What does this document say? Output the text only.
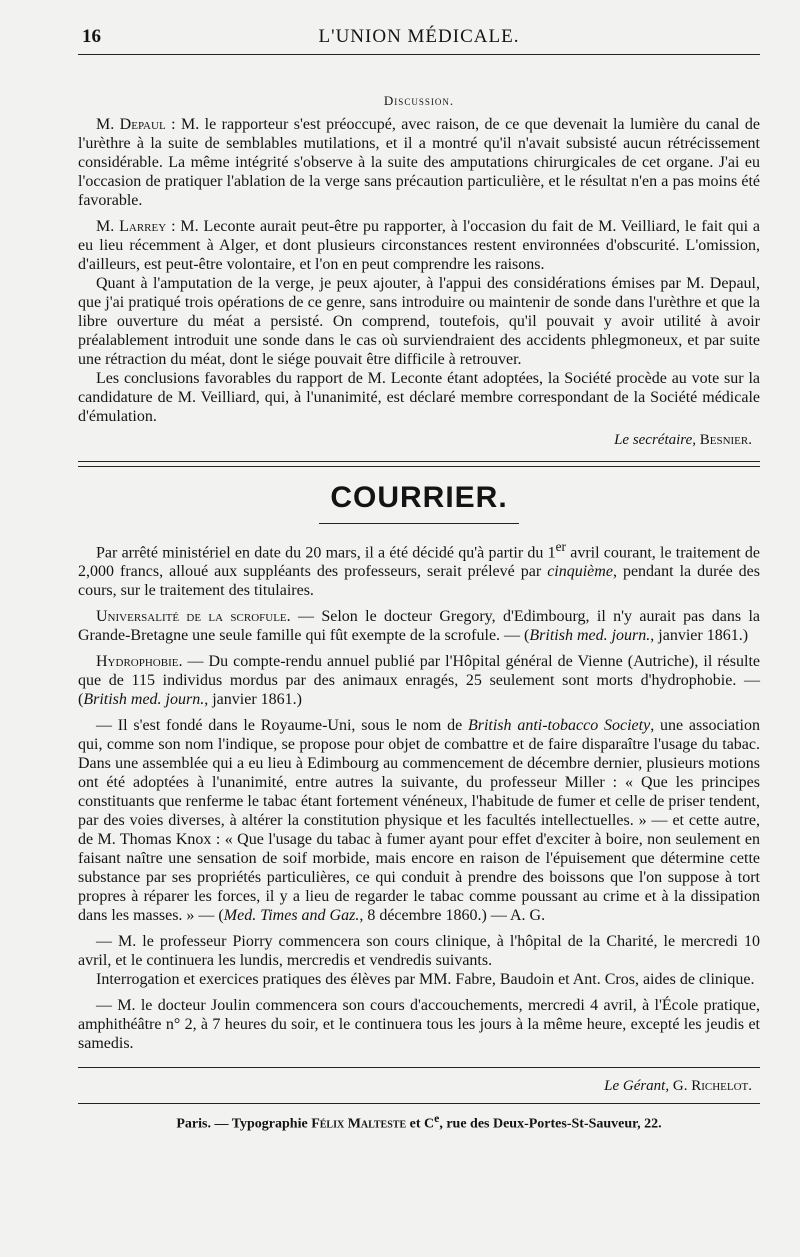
16	L'UNION MÉDICALE.
Discussion.

M. Depaul : M. le rapporteur s'est préoccupé, avec raison, de ce que devenait la lumière du canal de l'urèthre à la suite de semblables mutilations, et il a montré qu'il n'avait subsisté aucun rétrécissement considérable. La même intégrité s'observe à la suite des amputations chirurgicales de cet organe. J'ai eu l'occasion de pratiquer l'ablation de la verge sans précaution particulière, et le résultat n'en a pas moins été favorable.

M. Larrey : M. Leconte aurait peut-être pu rapporter, à l'occasion du fait de M. Veilliard, le fait qui a eu lieu récemment à Alger, et dont plusieurs circonstances restent environnées d'obscurité. L'omission, d'ailleurs, est peut-être volontaire, et l'on en peut comprendre les raisons.

Quant à l'amputation de la verge, je peux ajouter, à l'appui des considérations émises par M. Depaul, que j'ai pratiqué trois opérations de ce genre, sans introduire ou maintenir de sonde dans l'urèthre et que la libre ouverture du méat a persisté. On comprend, toutefois, qu'il pouvait y avoir utilité à avoir préalablement introduit une sonde dans le cas où surviendraient des accidents phlegmoneux, et par suite une rétraction du méat, dont le siége pouvait être difficile à retrouver.

Les conclusions favorables du rapport de M. Leconte étant adoptées, la Société procède au vote sur la candidature de M. Veilliard, qui, à l'unanimité, est déclaré membre correspondant de la Société médicale d'émulation.

Le secrétaire, Besnier.
COURRIER.

Par arrêté ministériel en date du 20 mars, il a été décidé qu'à partir du 1er avril courant, le traitement de 2,000 francs, alloué aux suppléants des professeurs, serait prélevé par cinquième, pendant la durée des cours, sur le traitement des titulaires.

Universalité de la scrofule. — Selon le docteur Gregory, d'Edimbourg, il n'y aurait pas dans la Grande-Bretagne une seule famille qui fût exempte de la scrofule. — (British med. journ., janvier 1861.)

Hydrophobie. — Du compte-rendu annuel publié par l'Hôpital général de Vienne (Autriche), il résulte que de 115 individus mordus par des animaux enragés, 25 seulement sont morts d'hydrophobie. — (British med. journ., janvier 1861.)

— Il s'est fondé dans le Royaume-Uni, sous le nom de British anti-tobacco Society, une association qui, comme son nom l'indique, se propose pour objet de combattre et de faire disparaître l'usage du tabac. Dans une assemblée qui a eu lieu à Edimbourg au commencement de décembre dernier, plusieurs motions ont été adoptées à l'unanimité, entre autres la suivante, du professeur Miller : « Que les principes constituants que renferme le tabac étant fortement vénéneux, l'habitude de fumer et celle de priser tendent, par des voies diverses, à altérer la constitution physique et les facultés intellectuelles. » — et cette autre, de M. Thomas Knox : « Que l'usage du tabac à fumer ayant pour effet d'exciter à boire, non seulement en faisant naître une sensation de soif morbide, mais encore en raison de l'épuisement que détermine cette substance par ses propriétés particulières, ce qui conduit à prendre des boissons que l'on suppose à tort propres à réparer les forces, il y a lieu de regarder le tabac comme poussant au crime et à la dissipation dans les masses. » — (Med. Times and Gaz., 8 décembre 1860.) — A. G.

— M. le professeur Piorry commencera son cours clinique, à l'hôpital de la Charité, le mercredi 10 avril, et le continuera les lundis, mercredis et vendredis suivants.

Interrogation et exercices pratiques des élèves par MM. Fabre, Baudoin et Ant. Cros, aides de clinique.

— M. le docteur Joulin commencera son cours d'accouchements, mercredi 4 avril, à l'École pratique, amphithéâtre n° 2, à 7 heures du soir, et le continuera tous les jours à la même heure, excepté les jeudis et samedis.

Le Gérant, G. Richelot.
Paris. — Typographie Félix Malteste et Ce, rue des Deux-Portes-St-Sauveur, 22.
